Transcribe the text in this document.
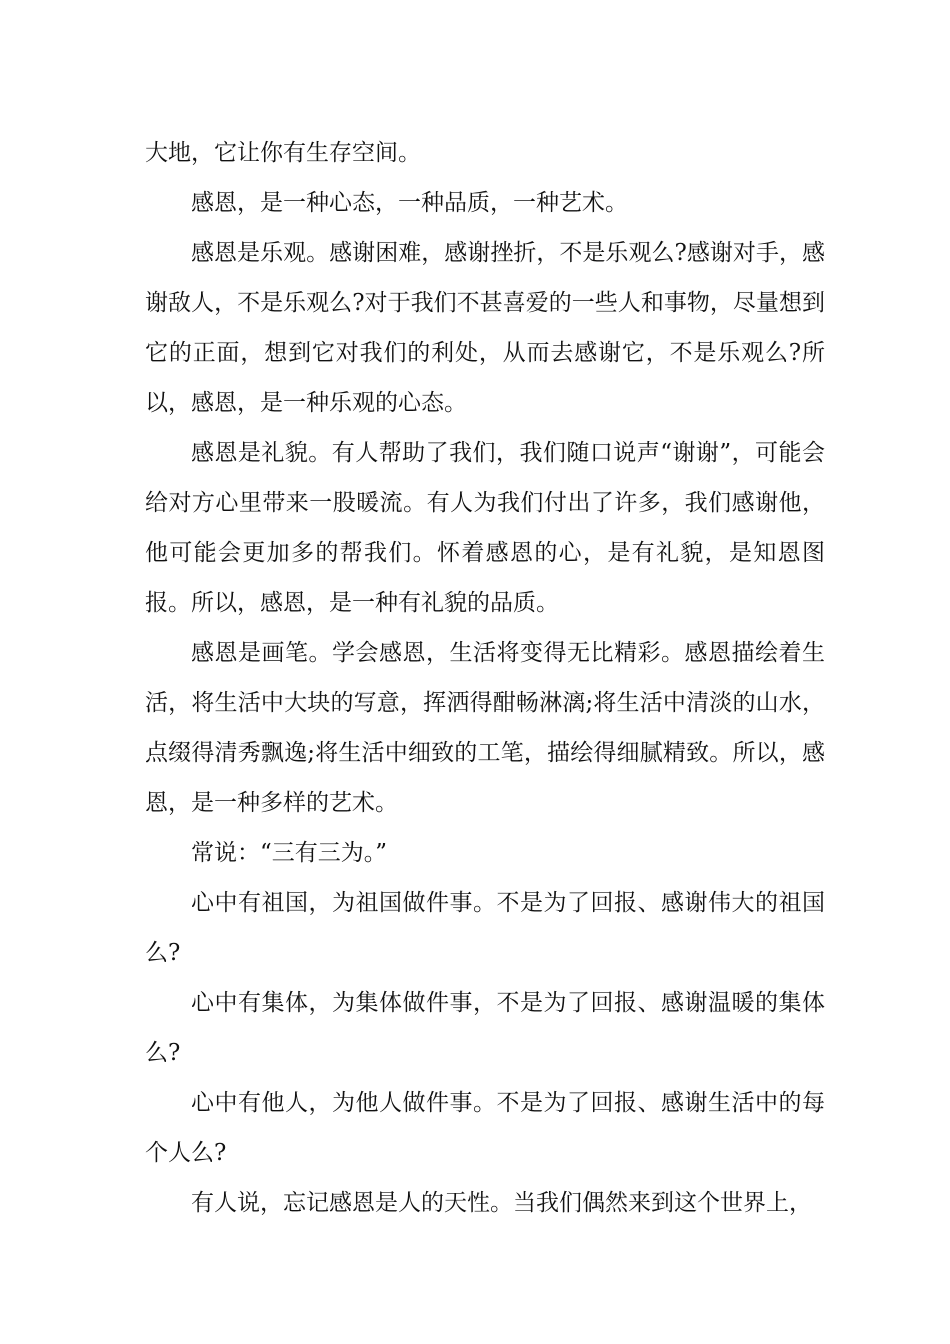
大地，它让你有生存空间。

感恩，是一种心态，一种品质，一种艺术。

感恩是乐观。感谢困难，感谢挫折，不是乐观么?感谢对手，感谢敌人，不是乐观么?对于我们不甚喜爱的一些人和事物，尽量想到它的正面，想到它对我们的利处，从而去感谢它，不是乐观么?所以，感恩，是一种乐观的心态。

感恩是礼貌。有人帮助了我们，我们随口说声“谢谢”，可能会给对方心里带来一股暖流。有人为我们付出了许多，我们感谢他，他可能会更加多的帮我们。怀着感恩的心，是有礼貌，是知恩图报。所以，感恩，是一种有礼貌的品质。

感恩是画笔。学会感恩，生活将变得无比精彩。感恩描绘着生活，将生活中大块的写意，挥洒得酣畅淋漓;将生活中清淡的山水，点缀得清秀飘逸;将生活中细致的工笔，描绘得细腻精致。所以，感恩，是一种多样的艺术。

常说：“三有三为。”

心中有祖国，为祖国做件事。不是为了回报、感谢伟大的祖国么?

心中有集体，为集体做件事，不是为了回报、感谢温暖的集体么?

心中有他人，为他人做件事。不是为了回报、感谢生活中的每个人么?

有人说，忘记感恩是人的天性。当我们偶然来到这个世界上，
